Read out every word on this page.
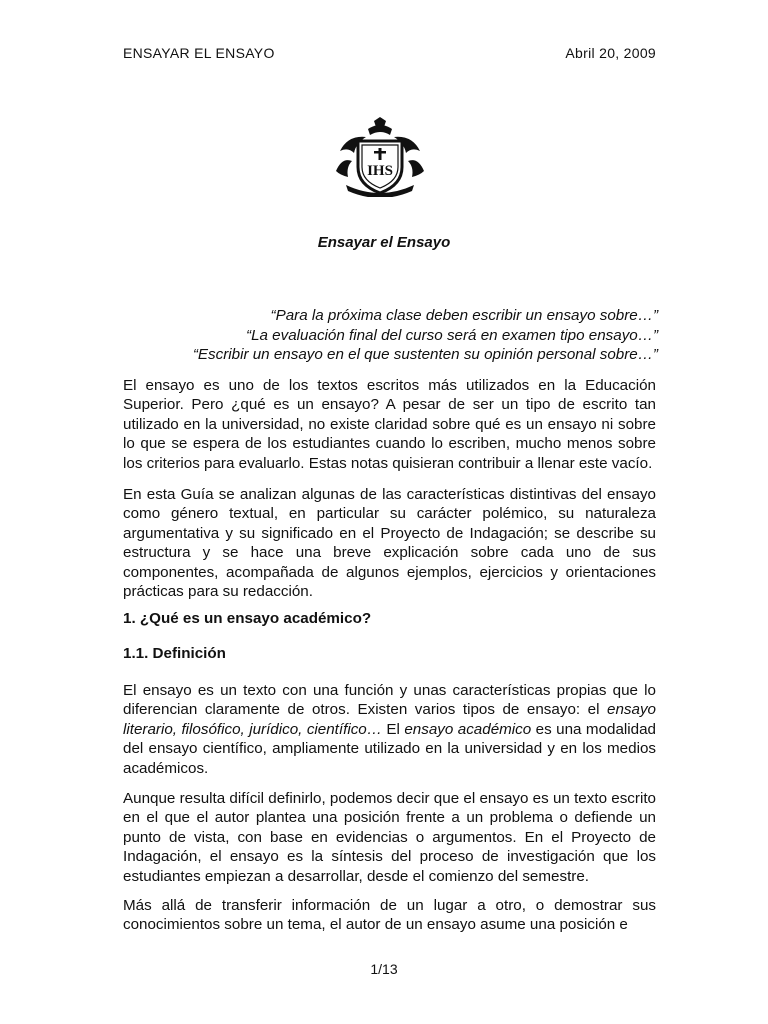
ENSAYAR EL ENSAYO	Abril 20, 2009
IHS
Ensayar el Ensayo
“Para la próxima clase deben escribir un ensayo sobre…”
“La evaluación final del curso será en examen tipo ensayo…”
“Escribir un ensayo en el que sustenten su opinión personal sobre…”
El ensayo es uno de los textos escritos más utilizados en la Educación Superior. Pero ¿qué es un ensayo? A pesar de ser un tipo de escrito tan utilizado en la universidad, no existe claridad sobre qué es un ensayo ni sobre lo que se espera de los estudiantes cuando lo escriben, mucho menos sobre los criterios para evaluarlo. Estas notas quisieran contribuir a llenar este vacío.
En esta Guía se analizan algunas de las características distintivas del ensayo como género textual, en particular su carácter polémico, su naturaleza argumentativa y su significado en el Proyecto de Indagación; se describe su estructura y se hace una breve explicación sobre cada uno de sus componentes, acompañada de algunos ejemplos, ejercicios y orientaciones prácticas para su redacción.
1. ¿Qué es un ensayo académico?
1.1. Definición
El ensayo es un texto con una función y unas características propias que lo diferencian claramente de otros. Existen varios tipos de ensayo: el ensayo literario, filosófico, jurídico, científico… El ensayo académico es una modalidad del ensayo científico, ampliamente utilizado en la universidad y en los medios académicos.
Aunque resulta difícil definirlo, podemos decir que el ensayo es un texto escrito en el que el autor plantea una posición frente a un problema o defiende un punto de vista, con base en evidencias o argumentos. En el Proyecto de Indagación, el ensayo es la síntesis del proceso de investigación que los estudiantes empiezan a desarrollar, desde el comienzo del semestre.
Más allá de transferir información de un lugar a otro, o demostrar sus conocimientos sobre un tema, el autor de un ensayo asume una posición e
1/13
